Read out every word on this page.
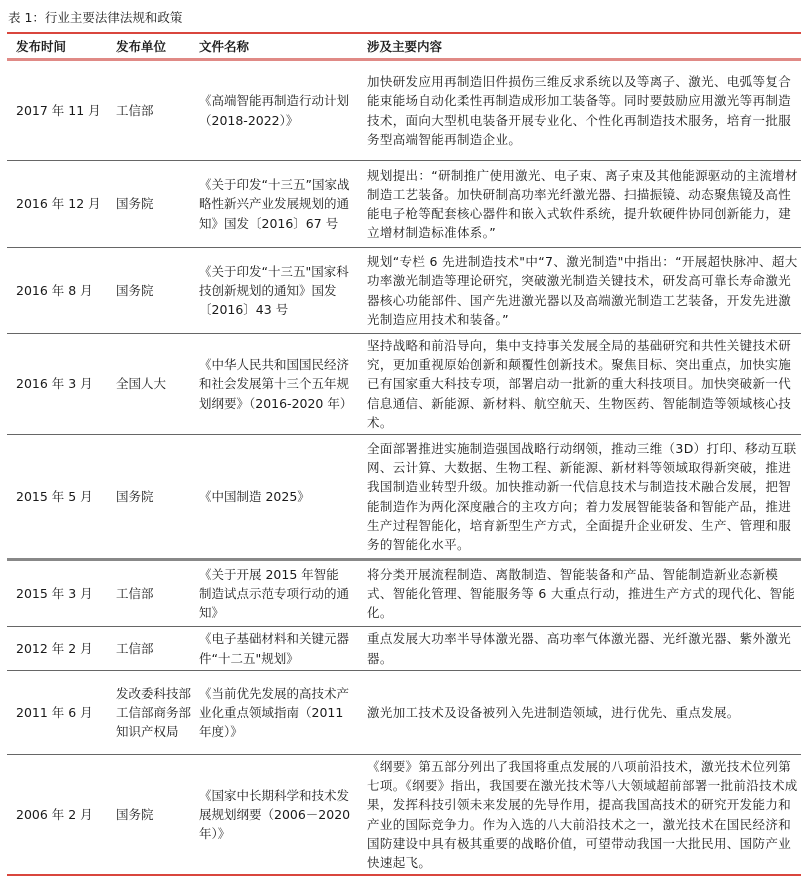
表 1：行业主要法律法规和政策
发布时间	发布单位	文件名称	涉及主要内容
2017 年 11 月	工信部	《高端智能再制造行动计划（2018-2022）》	加快研发应用再制造旧件损伤三维反求系统以及等离子、激光、电弧等复合能束能场自动化柔性再制造成形加工装备等。同时要鼓励应用激光等再制造技术，面向大型机电装备开展专业化、个性化再制造技术服务，培育一批服务型高端智能再制造企业。
2016 年 12 月	国务院	《关于印发“十三五”国家战略性新兴产业发展规划的通知》国发〔2016〕67 号	规划提出：“研制推广使用激光、电子束、离子束及其他能源驱动的主流增材制造工艺装备。加快研制高功率光纤激光器、扫描振镜、动态聚焦镜及高性能电子枪等配套核心器件和嵌入式软件系统，提升软硬件协同创新能力，建立增材制造标准体系。”
2016 年 8 月	国务院	《关于印发“十三五"国家科技创新规划的通知》国发〔2016〕43 号	规划“专栏 6 先进制造技术"中“7、激光制造"中指出：“开展超快脉冲、超大功率激光制造等理论研究，突破激光制造关键技术，研发高可靠长寿命激光器核心功能部件、国产先进激光器以及高端激光制造工艺装备，开发先进激光制造应用技术和装备。”
2016 年 3 月	全国人大	《中华人民共和国国民经济和社会发展第十三个五年规划纲要》（2016-2020 年）	坚持战略和前沿导向，集中支持事关发展全局的基础研究和共性关键技术研究，更加重视原始创新和颠覆性创新技术。聚焦目标、突出重点，加快实施已有国家重大科技专项，部署启动一批新的重大科技项目。加快突破新一代信息通信、新能源、新材料、航空航天、生物医药、智能制造等领域核心技术。
2015 年 5 月	国务院	《中国制造 2025》	全面部署推进实施制造强国战略行动纲领，推动三维（3D）打印、移动互联网、云计算、大数据、生物工程、新能源、新材料等领域取得新突破，推进我国制造业转型升级。加快推动新一代信息技术与制造技术融合发展，把智能制造作为两化深度融合的主攻方向；着力发展智能装备和智能产品，推进生产过程智能化，培育新型生产方式，全面提升企业研发、生产、管理和服务的智能化水平。
2015 年 3 月	工信部	《关于开展 2015 年智能制造试点示范专项行动的通知》	将分类开展流程制造、离散制造、智能装备和产品、智能制造新业态新模式、智能化管理、智能服务等 6 大重点行动，推进生产方式的现代化、智能化。
2012 年 2 月	工信部	《电子基础材料和关键元器件“十二五"规划》	重点发展大功率半导体激光器、高功率气体激光器、光纤激光器、紫外激光器。
2011 年 6 月	发改委科技部工信部商务部知识产权局	《当前优先发展的高技术产业化重点领域指南（2011 年度）》	激光加工技术及设备被列入先进制造领域，进行优先、重点发展。
2006 年 2 月	国务院	《国家中长期科学和技术发展规划纲要（2006－2020 年）》	《纲要》第五部分列出了我国将重点发展的八项前沿技术，激光技术位列第七项。《纲要》指出，我国要在激光技术等八大领域超前部署一批前沿技术成果，发挥科技引领未来发展的先导作用，提高我国高技术的研究开发能力和产业的国际竞争力。作为入选的八大前沿技术之一，激光技术在国民经济和国防建设中具有极其重要的战略价值，可望带动我国一大批民用、国防产业快速起飞。
